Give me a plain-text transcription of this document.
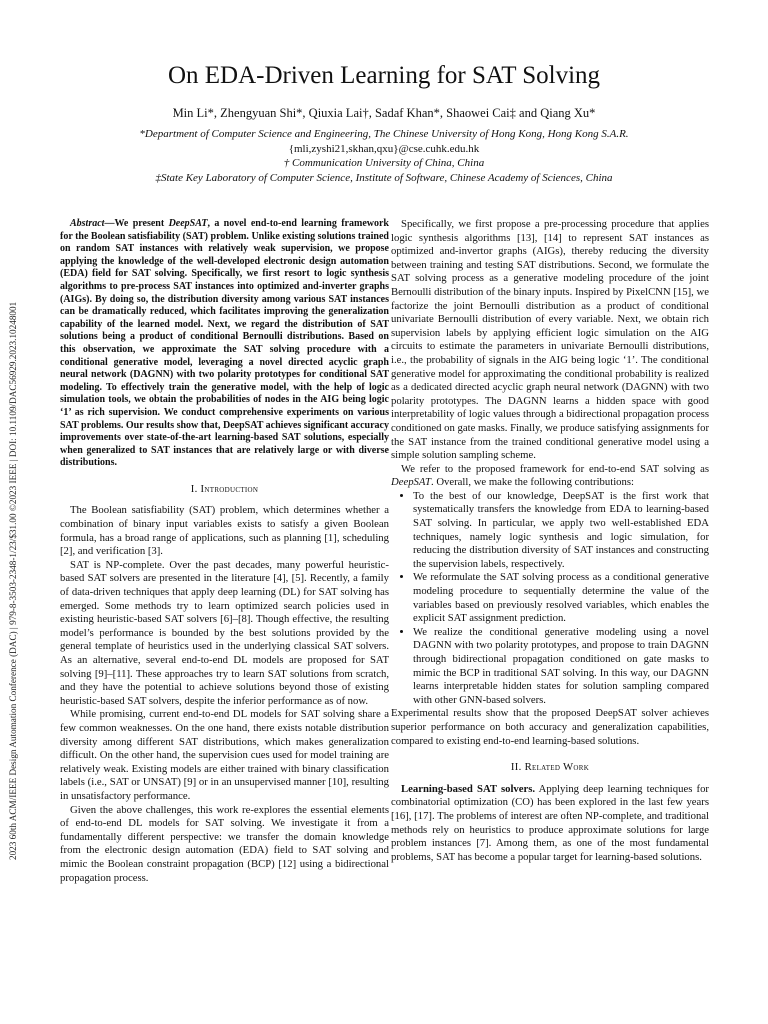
2023 60th ACM/IEEE Design Automation Conference (DAC) | 979-8-3503-2348-1/23/$31.00 ©2023 IEEE | DOI: 10.1109/DAC56929.2023.10248001
On EDA-Driven Learning for SAT Solving
Min Li*, Zhengyuan Shi*, Qiuxia Lai†, Sadaf Khan*, Shaowei Cai‡ and Qiang Xu*
*Department of Computer Science and Engineering, The Chinese University of Hong Kong, Hong Kong S.A.R.
{mli,zyshi21,skhan,qxu}@cse.cuhk.edu.hk
† Communication University of China, China
‡State Key Laboratory of Computer Science, Institute of Software, Chinese Academy of Sciences, China

Abstract—We present DeepSAT, a novel end-to-end learning framework for the Boolean satisfiability (SAT) problem. Unlike existing solutions trained on random SAT instances with relatively weak supervision, we propose applying the knowledge of the well-developed electronic design automation (EDA) field for SAT solving. Specifically, we first resort to logic synthesis algorithms to pre-process SAT instances into optimized and-inverter graphs (AIGs). By doing so, the distribution diversity among various SAT instances can be dramatically reduced, which facilitates improving the generalization capability of the learned model. Next, we regard the distribution of SAT solutions being a product of conditional Bernoulli distributions. Based on this observation, we approximate the SAT solving procedure with a conditional generative model, leveraging a novel directed acyclic graph neural network (DAGNN) with two polarity prototypes for conditional SAT modeling. To effectively train the generative model, with the help of logic simulation tools, we obtain the probabilities of nodes in the AIG being logic ‘1’ as rich supervision. We conduct comprehensive experiments on various SAT problems. Our results show that, DeepSAT achieves significant accuracy improvements over state-of-the-art learning-based SAT solutions, especially when generalized to SAT instances that are relatively large or with diverse distributions.

I. Introduction

The Boolean satisfiability (SAT) problem, which determines whether a combination of binary input variables exists to satisfy a given Boolean formula, has a broad range of applications, such as planning [1], scheduling [2], and verification [3].

SAT is NP-complete. Over the past decades, many powerful heuristic-based SAT solvers are presented in the literature [4], [5]. Recently, a family of data-driven techniques that apply deep learning (DL) for SAT solving has emerged. Some methods try to learn optimized search policies used in existing heuristic-based SAT solvers [6]–[8]. Though effective, the resulting model’s performance is bounded by the best solutions provided by the general template of heuristics used in the underlying classical SAT solvers. As an alternative, several end-to-end DL models are proposed for SAT solving [9]–[11]. These approaches try to learn SAT solutions from scratch, and they have the potential to achieve solutions beyond those of existing heuristic-based SAT solvers, despite the inferior performance as of now.

While promising, current end-to-end DL models for SAT solving share a few common weaknesses. On the one hand, there exists notable distribution diversity among different SAT distributions, which makes generalization difficult. On the other hand, the supervision cues used for model training are relatively weak. Existing models are either trained with binary classification labels (i.e., SAT or UNSAT) [9] or in an unsupervised manner [10], resulting in unsatisfactory performance.

Given the above challenges, this work re-explores the essential elements of end-to-end DL models for SAT solving. We investigate it from a fundamentally different perspective: we transfer the domain knowledge from the electronic design automation (EDA) field to SAT solving and mimic the Boolean constraint propagation (BCP) [12] using a bidirectional propagation process.

Specifically, we first propose a pre-processing procedure that applies logic synthesis algorithms [13], [14] to represent SAT instances as optimized and-invertor graphs (AIGs), thereby reducing the diversity between training and testing SAT distributions. Second, we formulate the SAT solving process as a generative modeling procedure of the joint Bernoulli distribution of the binary inputs. Inspired by PixelCNN [15], we factorize the joint Bernoulli distribution as a product of conditional univariate Bernoulli distribution of every variable. Next, we obtain rich supervision labels by applying efficient logic simulation on the AIG circuits to estimate the parameters in univariate Bernoulli distributions, i.e., the probability of signals in the AIG being logic ‘1’. The conditional generative model for approximating the conditional probability is realized as a dedicated directed acyclic graph neural network (DAGNN) with two polarity prototypes. The DAGNN learns a hidden space with good interpretability of logic values through a bidirectional propagation process conditioned on gate masks. Finally, we produce satisfying assignments for the SAT instance from the trained conditional generative model using a simple solution sampling scheme.

We refer to the proposed framework for end-to-end SAT solving as DeepSAT. Overall, we make the following contributions:

• To the best of our knowledge, DeepSAT is the first work that systematically transfers the knowledge from EDA to learning-based SAT solving. In particular, we apply two well-established EDA techniques, namely logic synthesis and logic simulation, for reducing the distribution diversity of SAT instances and constructing the supervision labels, respectively.
• We reformulate the SAT solving process as a conditional generative modeling procedure to sequentially determine the value of the variables based on previously resolved variables, which enables the explicit SAT assignment prediction.
• We realize the conditional generative modeling using a novel DAGNN with two polarity prototypes, and propose to train DAGNN through bidirectional propagation conditioned on gate masks to mimic the BCP in traditional SAT solving. In this way, our DAGNN learns interpretable hidden states for solution sampling compared with other GNN-based solvers.

Experimental results show that the proposed DeepSAT solver achieves superior performance on both accuracy and generalization capabilities, compared to existing end-to-end learning-based solutions.

II. Related Work

Learning-based SAT solvers. Applying deep learning techniques for combinatorial optimization (CO) has been explored in the last few years [16], [17]. The problems of interest are often NP-complete, and traditional methods rely on heuristics to produce approximate solutions for large problem instances [7]. Among them, as one of the most fundamental problems, SAT has become a popular target for learning-based solutions.
